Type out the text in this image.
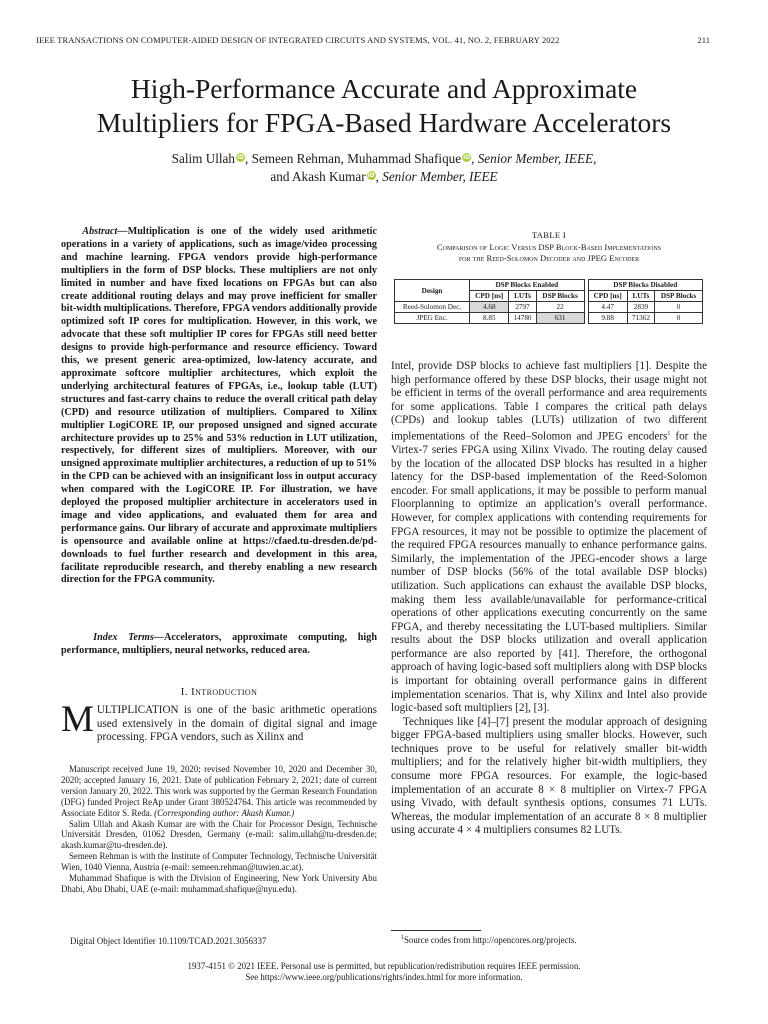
IEEE TRANSACTIONS ON COMPUTER-AIDED DESIGN OF INTEGRATED CIRCUITS AND SYSTEMS, VOL. 41, NO. 2, FEBRUARY 2022	211
High-Performance Accurate and Approximate
Multipliers for FPGA-Based Hardware Accelerators
Salim Ullah iD, Semeen Rehman, Muhammad Shafique iD, Senior Member, IEEE,
and Akash Kumar iD, Senior Member, IEEE
Abstract—Multiplication is one of the widely used arithmetic operations in a variety of applications, such as image/video processing and machine learning. FPGA vendors provide high-performance multipliers in the form of DSP blocks. These multipliers are not only limited in number and have fixed locations on FPGAs but can also create additional routing delays and may prove inefficient for smaller bit-width multiplications. Therefore, FPGA vendors additionally provide optimized soft IP cores for multiplication. However, in this work, we advocate that these soft multiplier IP cores for FPGAs still need better designs to provide high-performance and resource efficiency. Toward this, we present generic area-optimized, low-latency accurate, and approximate softcore multiplier architectures, which exploit the underlying architectural features of FPGAs, i.e., lookup table (LUT) structures and fast-carry chains to reduce the overall critical path delay (CPD) and resource utilization of multipliers. Compared to Xilinx multiplier LogiCORE IP, our proposed unsigned and signed accurate architecture provides up to 25% and 53% reduction in LUT utilization, respectively, for different sizes of multipliers. Moreover, with our unsigned approximate multiplier architectures, a reduction of up to 51% in the CPD can be achieved with an insignificant loss in output accuracy when compared with the LogiCORE IP. For illustration, we have deployed the proposed multiplier architecture in accelerators used in image and video applications, and evaluated them for area and performance gains. Our library of accurate and approximate multipliers is opensource and available online at https://cfaed.tu-dresden.de/pd-downloads to fuel further research and development in this area, facilitate reproducible research, and thereby enabling a new research direction for the FPGA community.
Index Terms—Accelerators, approximate computing, high performance, multipliers, neural networks, reduced area.
I. Introduction
MULTIPLICATION is one of the basic arithmetic operations used extensively in the domain of digital signal and image processing. FPGA vendors, such as Xilinx and

Manuscript received June 19, 2020; revised November 10, 2020 and December 30, 2020; accepted January 16, 2021. Date of publication February 2, 2021; date of current version January 20, 2022. This work was supported by the German Research Foundation (DFG) funded Project ReAp under Grant 380524764. This article was recommended by Associate Editor S. Reda. (Corresponding author: Akash Kumar.)

Salim Ullah and Akash Kumar are with the Chair for Processor Design, Technische Universität Dresden, 01062 Dresden, Germany (e-mail: salim.ullah@tu-dresden.de; akash.kumar@tu-dresden.de).

Semeen Rehman is with the Institute of Computer Technology, Technische Universität Wien, 1040 Vienna, Austria (e-mail: semeen.rehman@tuwien.ac.at).

Muhammad Shafique is with the Division of Engineering, New York University Abu Dhabi, Abu Dhabi, UAE (e-mail: muhammad.shafique@nyu.edu).

Digital Object Identifier 10.1109/TCAD.2021.3056337
TABLE I
Comparison of Logic Versus DSP Block-Based Implementations
for the Reed-Solomon Decoder and JPEG Encoder
Design	DSP Blocks Enabled				DSP Blocks Disabled		
	CPD [ns]	LUTs	DSP Blocks		CPD [ns]	LUTs	DSP Blocks
Reed-Solomon Dec.	4.68	2797	22		4.47	2839	0
JPEG Enc.	8.85	14780	631		9.88	71362	0

Intel, provide DSP blocks to achieve fast multipliers [1]. Despite the high performance offered by these DSP blocks, their usage might not be efficient in terms of the overall performance and area requirements for some applications. Table I compares the critical path delays (CPDs) and lookup tables (LUTs) utilization of two different implementations of the Reed–Solomon and JPEG encoders$^1$ for the Virtex-7 series FPGA using Xilinx Vivado. The routing delay caused by the location of the allocated DSP blocks has resulted in a higher latency for the DSP-based implementation of the Reed-Solomon encoder. For small applications, it may be possible to perform manual Floorplanning to optimize an application’s overall performance. However, for complex applications with contending requirements for FPGA resources, it may not be possible to optimize the placement of the required FPGA resources manually to enhance performance gains. Similarly, the implementation of the JPEG-encoder shows a large number of DSP blocks (56% of the total available DSP blocks) utilization. Such applications can exhaust the available DSP blocks, making them less available/unavailable for performance-critical operations of other applications executing concurrently on the same FPGA, and thereby necessitating the LUT-based multipliers. Similar results about the DSP blocks utilization and overall application performance are also reported by [41]. Therefore, the orthogonal approach of having logic-based soft multipliers along with DSP blocks is important for obtaining overall performance gains in different implementation scenarios. That is, why Xilinx and Intel also provide logic-based soft multipliers [2], [3].

Techniques like [4]–[7] present the modular approach of designing bigger FPGA-based multipliers using smaller blocks. However, such techniques prove to be useful for relatively smaller bit-width multipliers; and for the relatively higher bit-width multipliers, they consume more FPGA resources. For example, the logic-based implementation of an accurate 8 × 8 multiplier on Virtex-7 FPGA using Vivado, with default synthesis options, consumes 71 LUTs. Whereas, the modular implementation of an accurate 8 × 8 multiplier using accurate 4 × 4 multipliers consumes 82 LUTs.

$^1$Source codes from http://opencores.org/projects.
1937-4151 © 2021 IEEE. Personal use is permitted, but republication/redistribution requires IEEE permission.
See https://www.ieee.org/publications/rights/index.html for more information.
